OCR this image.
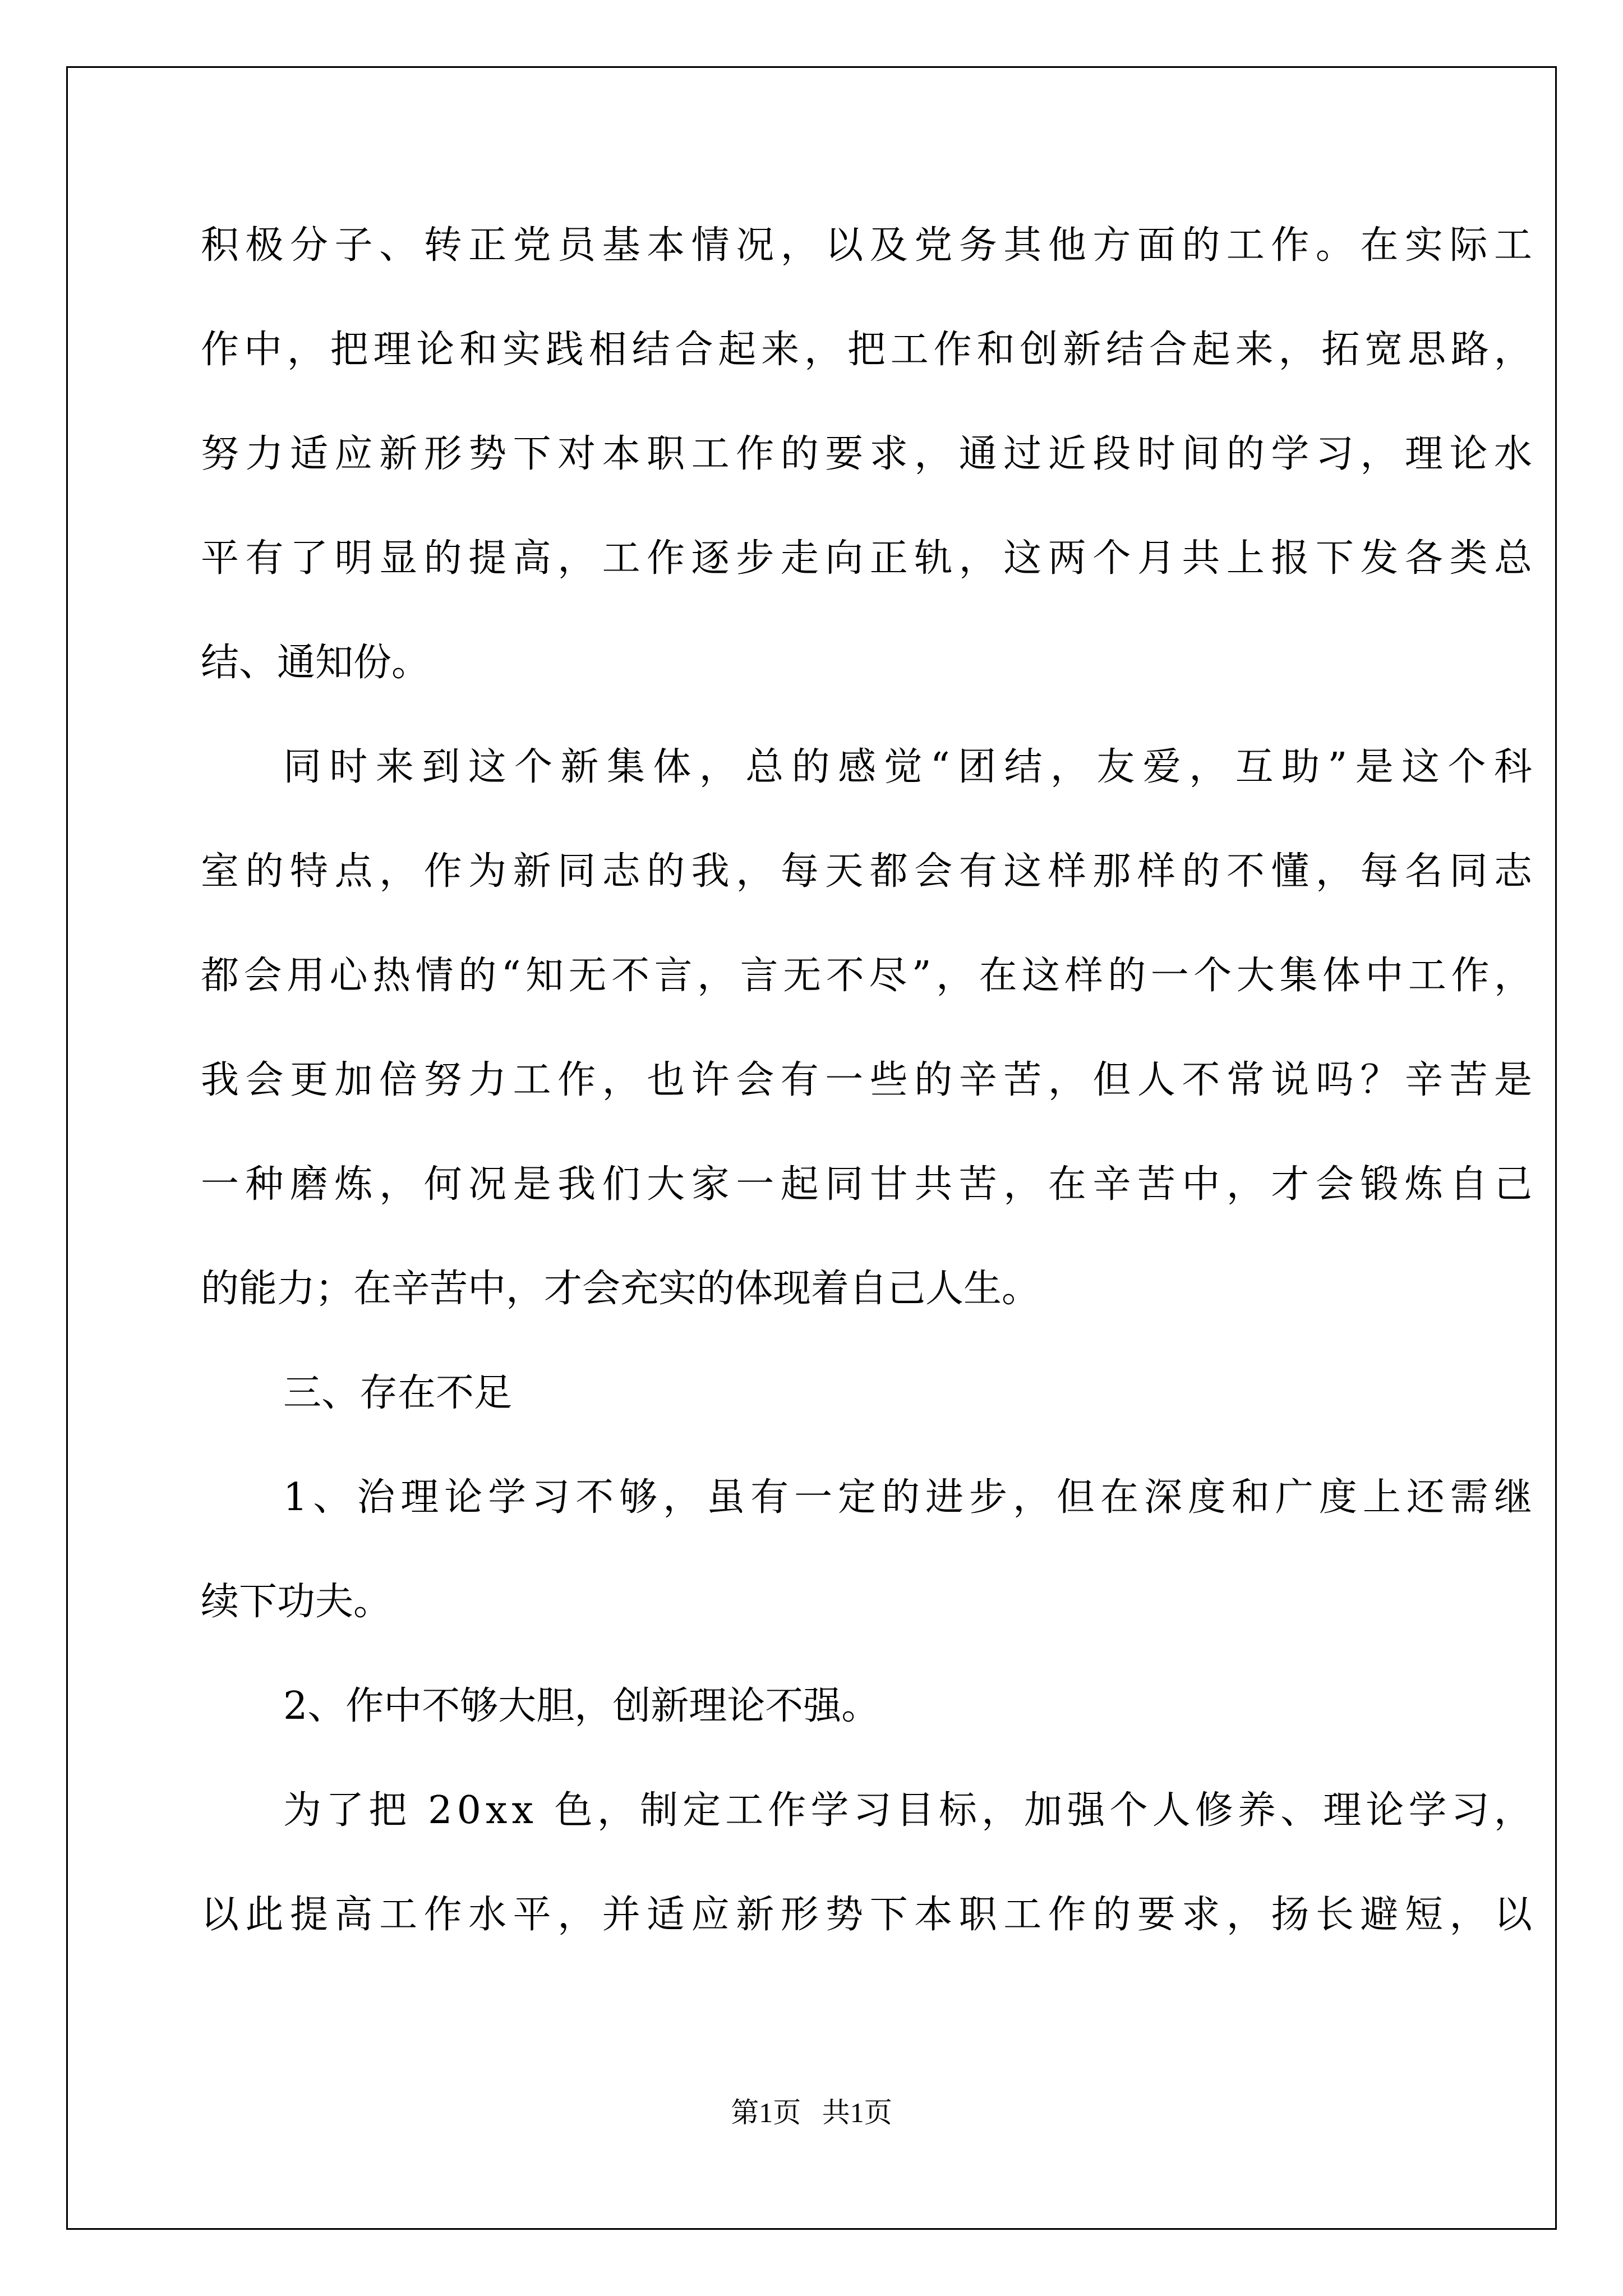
积 极 分 子 、 转 正 党 员 基 本 情 况 ， 以 及 党 务 其 他 方 面 的 工 作 。 在 实 际 工
作 中 ， 把 理 论 和 实 践 相 结 合 起 来 ， 把 工 作 和 创 新 结 合 起 来 ， 拓 宽 思 路 ，
努 力 适 应 新 形 势 下 对 本 职 工 作 的 要 求 ， 通 过 近 段 时 间 的 学 习 ， 理 论 水
平 有 了 明 显 的 提 高 ， 工 作 逐 步 走 向 正 轨 ， 这 两 个 月 共 上 报 下 发 各 类 总
结、通知份。
同 时 来 到 这 个 新 集 体 ， 总 的 感 觉 “ 团 结 ， 友 爱 ， 互 助 ” 是 这 个 科
室 的 特 点 ， 作 为 新 同 志 的 我 ， 每 天 都 会 有 这 样 那 样 的 不 懂 ， 每 名 同 志
都 会 用 心 热 情 的 “ 知 无 不 言 ， 言 无 不 尽 ” ， 在 这 样 的 一 个 大 集 体 中 工 作 ，
我 会 更 加 倍 努 力 工 作 ， 也 许 会 有 一 些 的 辛 苦 ， 但 人 不 常 说 吗 ？ 辛 苦 是
一 种 磨 炼 ， 何 况 是 我 们 大 家 一 起 同 甘 共 苦 ， 在 辛 苦 中 ， 才 会 锻 炼 自 己
的能力；在辛苦中，才会充实的体现着自己人生。
三、存在不足
1 、 治 理 论 学 习 不 够 ， 虽 有 一 定 的 进 步 ， 但 在 深 度 和 广 度 上 还 需 继
续下功夫。
2、作中不够大胆，创新理论不强。
为 了 把
2 0 x x
色 ， 制 定 工 作 学 习 目 标 ， 加 强 个 人 修 养 、 理 论 学 习 ，
以 此 提 高 工 作 水 平 ， 并 适 应 新 形 势 下 本 职 工 作 的 要 求 ， 扬 长 避 短 ， 以
第1页   共1页
